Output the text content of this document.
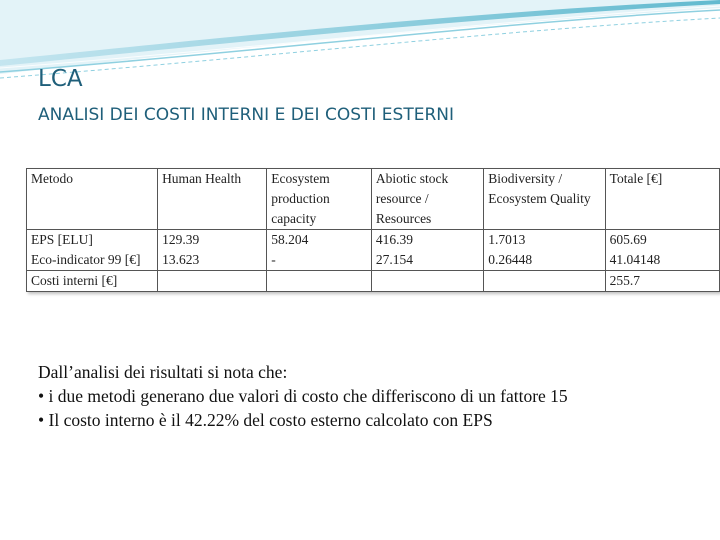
LCA
ANALISI DEI COSTI INTERNI E DEI COSTI ESTERNI
Metodo	Human Health	Ecosystem production capacity	Abiotic stock resource / Resources	Biodiversity / Ecosystem Quality	Totale [€]
EPS [ELU]	129.39	58.204	416.39	1.7013	605.69
Eco-indicator 99 [€]	13.623	-	27.154	0.26448	41.04148
Costi interni [€]					255.7

Dall’analisi dei risultati si nota che:

• i due metodi generano due valori di costo che differiscono di un fattore 15

• Il costo interno è il 42.22% del costo esterno calcolato con EPS
